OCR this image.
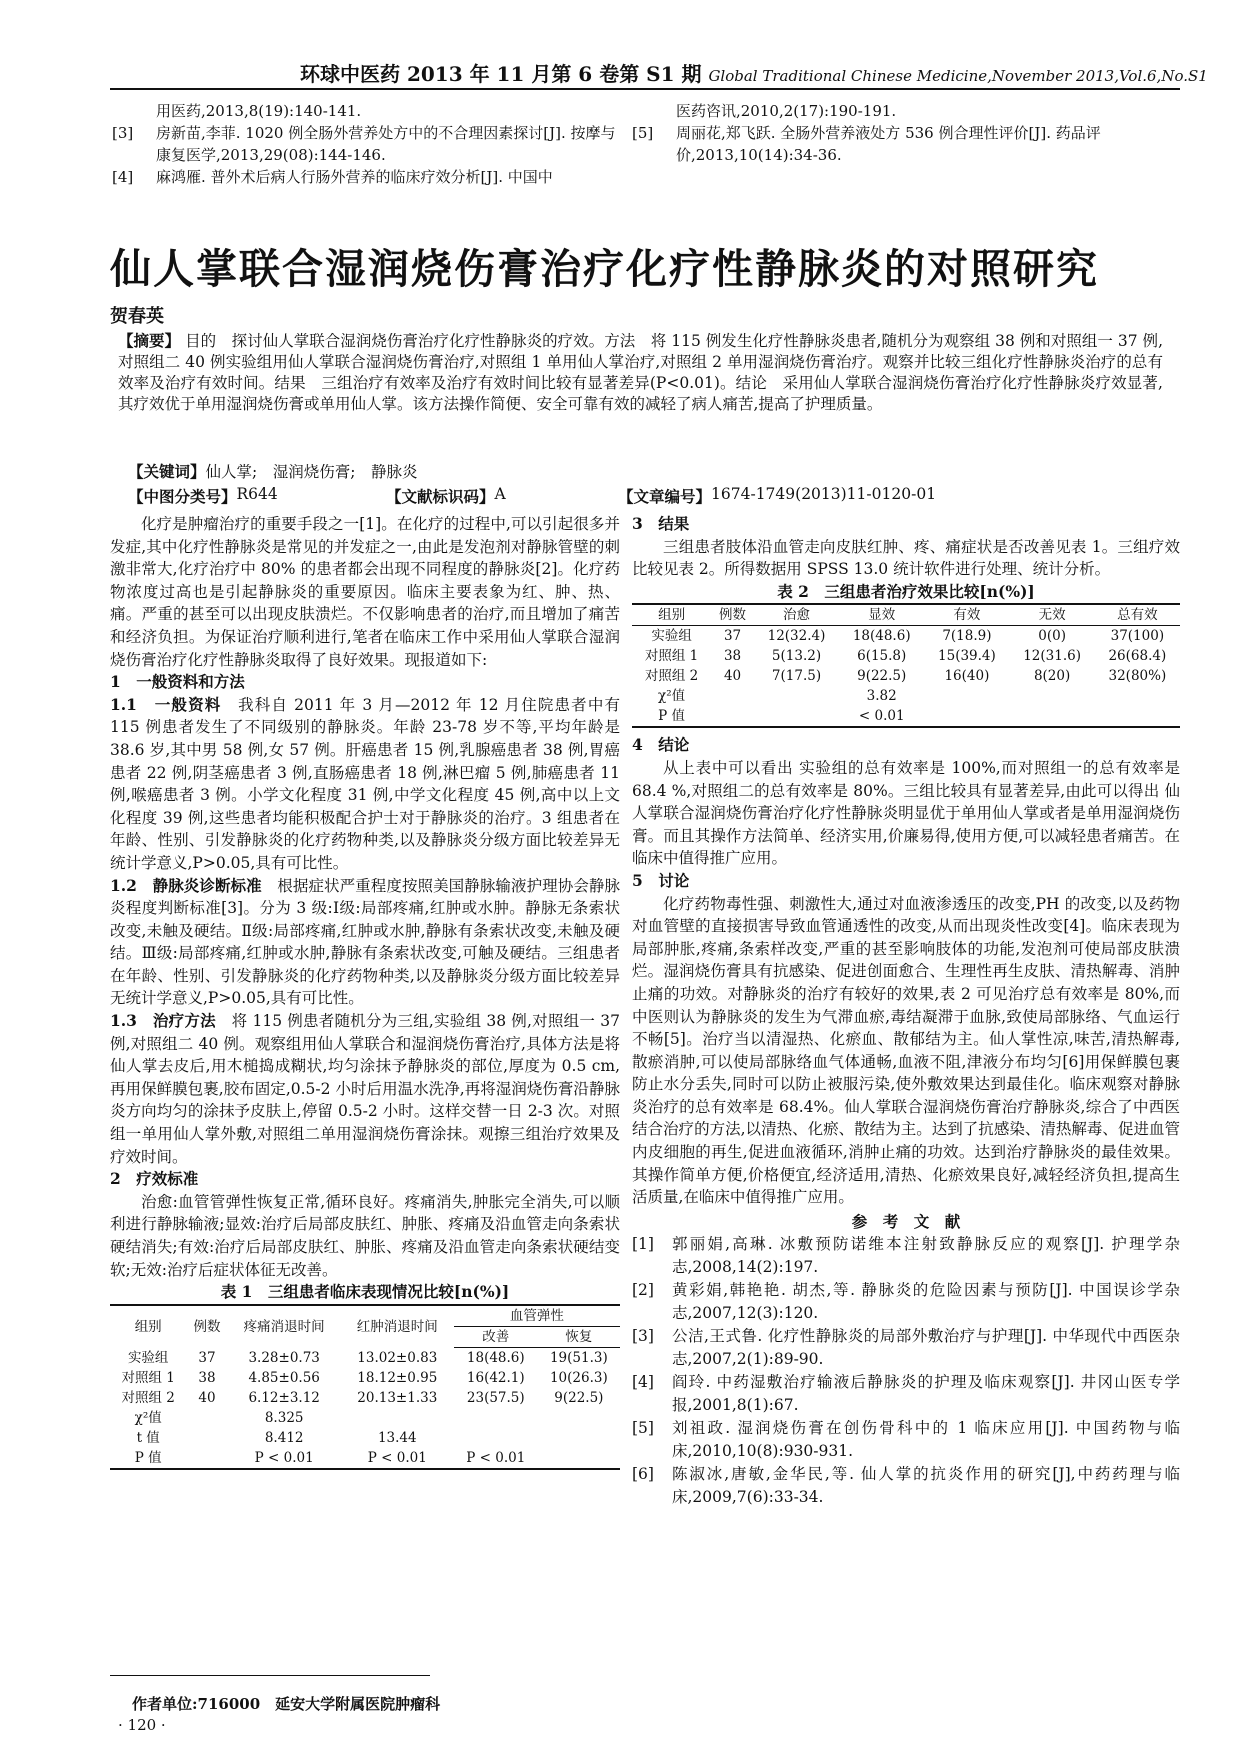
环球中医药 2013 年 11 月第 6 卷第 S1 期 Global Traditional Chinese Medicine,November 2013,Vol.6,No.S1
用医药,2013,8(19):140-141.
[3] 房新苗,李菲. 1020 例全肠外营养处方中的不合理因素探讨[J]. 按摩与康复医学,2013,29(08):144-146.
[4] 麻鸿雁. 普外术后病人行肠外营养的临床疗效分析[J]. 中国中
医药咨讯,2010,2(17):190-191.
[5] 周丽花,郑飞跃. 全肠外营养液处方 536 例合理性评价[J]. 药品评价,2013,10(14):34-36.
仙人掌联合湿润烧伤膏治疗化疗性静脉炎的对照研究
贺春英
【摘要】 目的　探讨仙人掌联合湿润烧伤膏治疗化疗性静脉炎的疗效。方法　将 115 例发生化疗性静脉炎患者,随机分为观察组 38 例和对照组一 37 例,对照组二 40 例实验组用仙人掌联合湿润烧伤膏治疗,对照组 1 单用仙人掌治疗,对照组 2 单用湿润烧伤膏治疗。观察并比较三组化疗性静脉炎治疗的总有效率及治疗有效时间。结果　三组治疗有效率及治疗有效时间比较有显著差异(P<0.01)。结论　采用仙人掌联合湿润烧伤膏治疗化疗性静脉炎疗效显著,其疗效优于单用湿润烧伤膏或单用仙人掌。该方法操作简便、安全可靠有效的减轻了病人痛苦,提高了护理质量。
【关键词】仙人掌;　湿润烧伤膏;　静脉炎
【中图分类号】 R644	【文献标识码】 A	【文章编号】 1674-1749(2013)11-0120-01

化疗是肿瘤治疗的重要手段之一[1]。在化疗的过程中,可以引起很多并发症,其中化疗性静脉炎是常见的并发症之一,由此是发泡剂对静脉管壁的刺激非常大,化疗治疗中 80% 的患者都会出现不同程度的静脉炎[2]。化疗药物浓度过高也是引起静脉炎的重要原因。临床主要表象为红、肿、热、痛。严重的甚至可以出现皮肤溃烂。不仅影响患者的治疗,而且增加了痛苦和经济负担。为保证治疗顺利进行,笔者在临床工作中采用仙人掌联合湿润烧伤膏治疗化疗性静脉炎取得了良好效果。现报道如下:

1　一般资料和方法

1.1　一般资料　 我科自 2011 年 3 月—2012 年 12 月住院患者中有 115 例患者发生了不同级别的静脉炎。年龄 23-78 岁不等,平均年龄是 38.6 岁,其中男 58 例,女 57 例。肝癌患者 15 例,乳腺癌患者 38 例,胃癌患者 22 例,阴茎癌患者 3 例,直肠癌患者 18 例,淋巴瘤 5 例,肺癌患者 11 例,喉癌患者 3 例。小学文化程度 31 例,中学文化程度 45 例,高中以上文化程度 39 例,这些患者均能积极配合护士对于静脉炎的治疗。3 组患者在年龄、性别、引发静脉炎的化疗药物种类,以及静脉炎分级方面比较差异无统计学意义,P>0.05,具有可比性。

1.2　静脉炎诊断标准　 根据症状严重程度按照美国静脉输液护理协会静脉炎程度判断标准[3]。分为 3 级:Ⅰ级:局部疼痛,红肿或水肿。静脉无条索状改变,未触及硬结。Ⅱ级:局部疼痛,红肿或水肿,静脉有条索状改变,未触及硬结。Ⅲ级:局部疼痛,红肿或水肿,静脉有条索状改变,可触及硬结。三组患者在年龄、性别、引发静脉炎的化疗药物种类,以及静脉炎分级方面比较差异无统计学意义,P>0.05,具有可比性。

1.3　治疗方法　 将 115 例患者随机分为三组,实验组 38 例,对照组一 37 例,对照组二 40 例。观察组用仙人掌联合和湿润烧伤膏治疗,具体方法是将仙人掌去皮后,用木槌捣成糊状,均匀涂抹予静脉炎的部位,厚度为 0.5 cm,再用保鲜膜包裹,胶布固定,0.5-2 小时后用温水洗净,再将湿润烧伤膏沿静脉炎方向均匀的涂抹予皮肤上,停留 0.5-2 小时。这样交替一日 2-3 次。对照组一单用仙人掌外敷,对照组二单用湿润烧伤膏涂抹。观擦三组治疗效果及疗效时间。

2　疗效标准

治愈:血管管弹性恢复正常,循环良好。疼痛消失,肿胀完全消失,可以顺利进行静脉输液;显效:治疗后局部皮肤红、肿胀、疼痛及沿血管走向条索状硬结消失;有效:治疗后局部皮肤红、肿胀、疼痛及沿血管走向条索状硬结变软;无效:治疗后症状体征无改善。

表 1　三组患者临床表现情况比较[n(%)]
组别	例数	疼痛消退时间	红肿消退时间	血管弹性	
				改善	恢复
实验组	37	3.28±0.73	13.02±0.83	18(48.6)	19(51.3)
对照组 1	38	4.85±0.56	18.12±0.95	16(42.1)	10(26.3)
对照组 2	40	6.12±3.12	20.13±1.33	23(57.5)	9(22.5)
χ²值		8.325			
t 值		8.412	13.44		
P 值		P < 0.01	P < 0.01	P < 0.01	
3　结果

三组患者肢体沿血管走向皮肤红肿、疼、痛症状是否改善见表 1。三组疗效比较见表 2。所得数据用 SPSS 13.0 统计软件进行处理、统计分析。

表 2　三组患者治疗效果比较[n(%)]
组别	例数	治愈	显效	有效	无效	总有效
实验组	37	12(32.4)	18(48.6)	7(18.9)	0(0)	37(100)
对照组 1	38	5(13.2)	6(15.8)	15(39.4)	12(31.6)	26(68.4)
对照组 2	40	7(17.5)	9(22.5)	16(40)	8(20)	32(80%)
χ²值			3.82			
P 值			< 0.01			
4　结论

从上表中可以看出 实验组的总有效率是 100%,而对照组一的总有效率是 68.4 %,对照组二的总有效率是 80%。三组比较具有显著差异,由此可以得出 仙人掌联合湿润烧伤膏治疗化疗性静脉炎明显优于单用仙人掌或者是单用湿润烧伤膏。而且其操作方法简单、经济实用,价廉易得,使用方便,可以减轻患者痛苦。在临床中值得推广应用。

5　讨论

化疗药物毒性强、刺激性大,通过对血液渗透压的改变,PH 的改变,以及药物对血管壁的直接损害导致血管通透性的改变,从而出现炎性改变[4]。临床表现为局部肿胀,疼痛,条索样改变,严重的甚至影响肢体的功能,发泡剂可使局部皮肤溃烂。湿润烧伤膏具有抗感染、促进创面愈合、生理性再生皮肤、清热解毒、消肿止痛的功效。对静脉炎的治疗有较好的效果,表 2 可见治疗总有效率是 80%,而中医则认为静脉炎的发生为气滞血瘀,毒结凝滞于血脉,致使局部脉络、气血运行不畅[5]。治疗当以清湿热、化瘀血、散郁结为主。仙人掌性凉,味苦,清热解毒,散瘀消肿,可以使局部脉络血气体通畅,血液不阻,津液分布均匀[6]用保鲜膜包裹防止水分丢失,同时可以防止被服污染,使外敷效果达到最佳化。临床观察对静脉炎治疗的总有效率是 68.4%。仙人掌联合湿润烧伤膏治疗静脉炎,综合了中西医结合治疗的方法,以清热、化瘀、散结为主。达到了抗感染、清热解毒、促进血管内皮细胞的再生,促进血液循环,消肿止痛的功效。达到治疗静脉炎的最佳效果。其操作简单方便,价格便宜,经济适用,清热、化瘀效果良好,减轻经济负担,提高生活质量,在临床中值得推广应用。

参　考　文　献
[1] 郭丽娟,高琳. 冰敷预防诺维本注射致静脉反应的观察[J]. 护理学杂志,2008,14(2):197.
[2] 黄彩娟,韩艳艳. 胡杰,等. 静脉炎的危险因素与预防[J]. 中国误诊学杂志,2007,12(3):120.
[3] 公洁,王式鲁. 化疗性静脉炎的局部外敷治疗与护理[J]. 中华现代中西医杂志,2007,2(1):89-90.
[4] 阎玲. 中药湿敷治疗输液后静脉炎的护理及临床观察[J]. 井冈山医专学报,2001,8(1):67.
[5] 刘祖政. 湿润烧伤膏在创伤骨科中的 1 临床应用[J]. 中国药物与临床,2010,10(8):930-931.
[6] 陈淑冰,唐敏,金华民,等. 仙人掌的抗炎作用的研究[J],中药药理与临床,2009,7(6):33-34.
作者单位:716000　延安大学附属医院肿瘤科
· 120 ·
